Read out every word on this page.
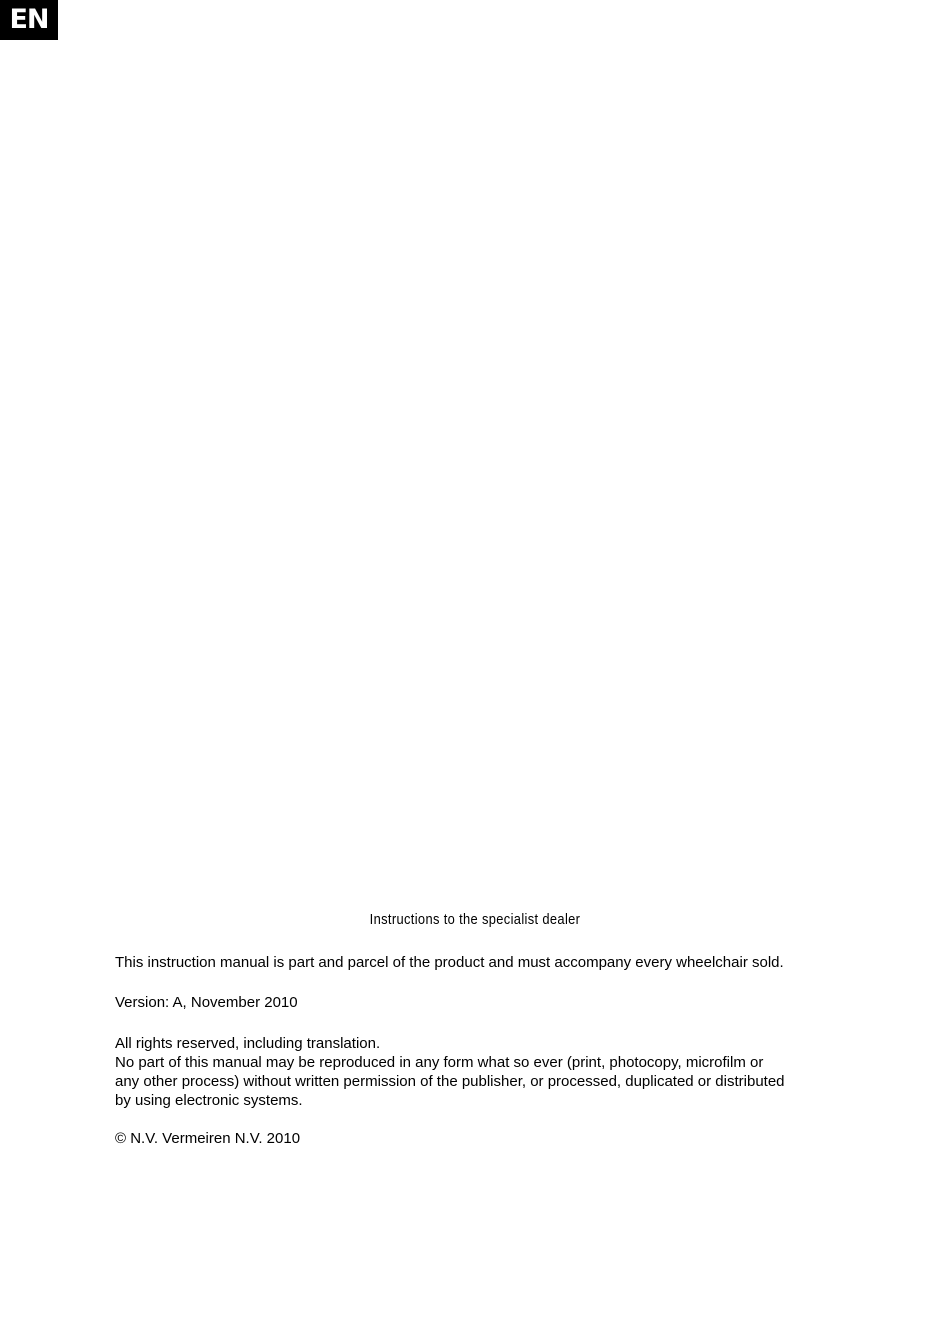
EN
Instructions to the specialist dealer
This instruction manual is part and parcel of the product and must accompany every wheelchair sold.
Version: A, November 2010
All rights reserved, including translation.
No part of this manual may be reproduced in any form what so ever (print, photocopy, microfilm or
any other process) without written permission of the publisher, or processed, duplicated or distributed
by using electronic systems.
© N.V. Vermeiren N.V. 2010
